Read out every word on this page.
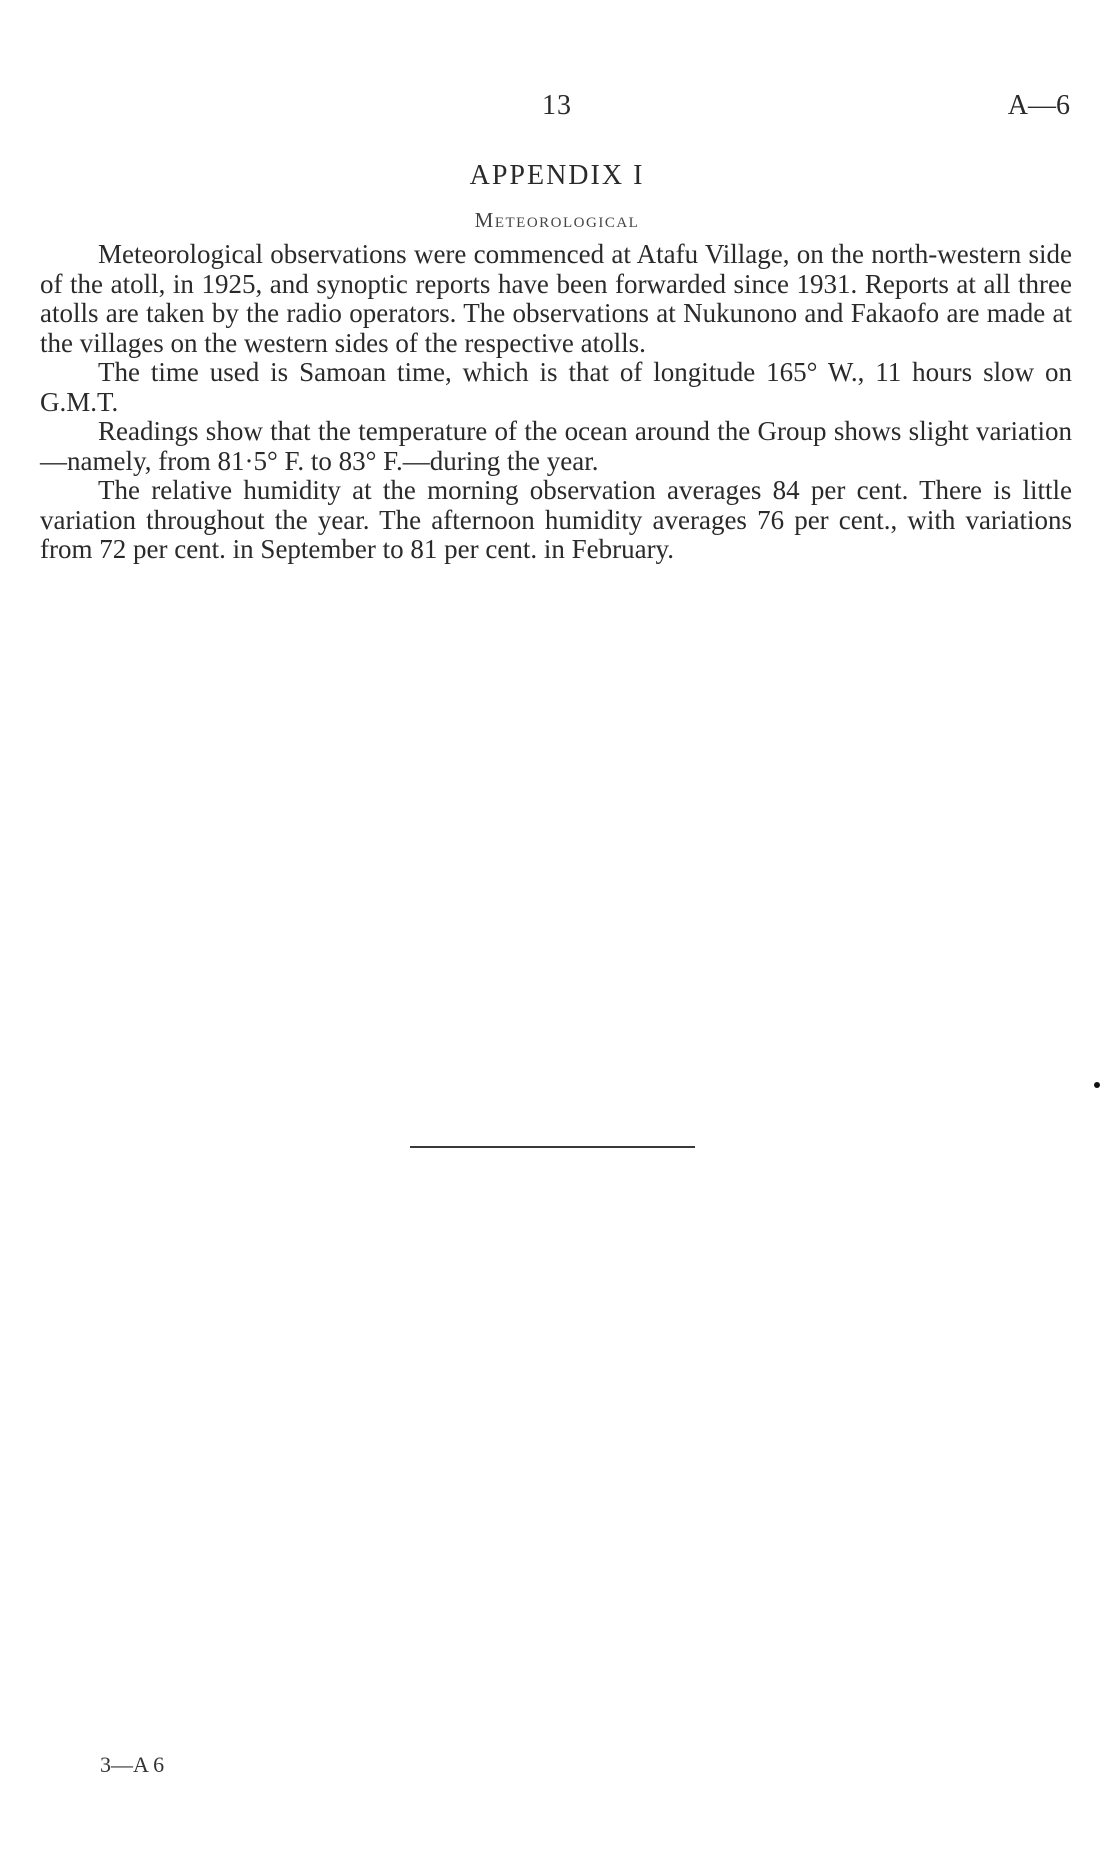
13	A—6
APPENDIX I
Meteorological

Meteorological observations were commenced at Atafu Village, on the north-western side of the atoll, in 1925, and synoptic reports have been forwarded since 1931. Reports at all three atolls are taken by the radio operators. The observations at Nukunono and Fakaofo are made at the villages on the western sides of the respective atolls.

The time used is Samoan time, which is that of longitude 165° W., 11 hours slow on G.M.T.

Readings show that the temperature of the ocean around the Group shows slight variation—namely, from 81·5° F. to 83° F.—during the year.

The relative humidity at the morning observation averages 84 per cent. There is little variation throughout the year. The afternoon humidity averages 76 per cent., with variations from 72 per cent. in September to 81 per cent. in February.

3—A 6
